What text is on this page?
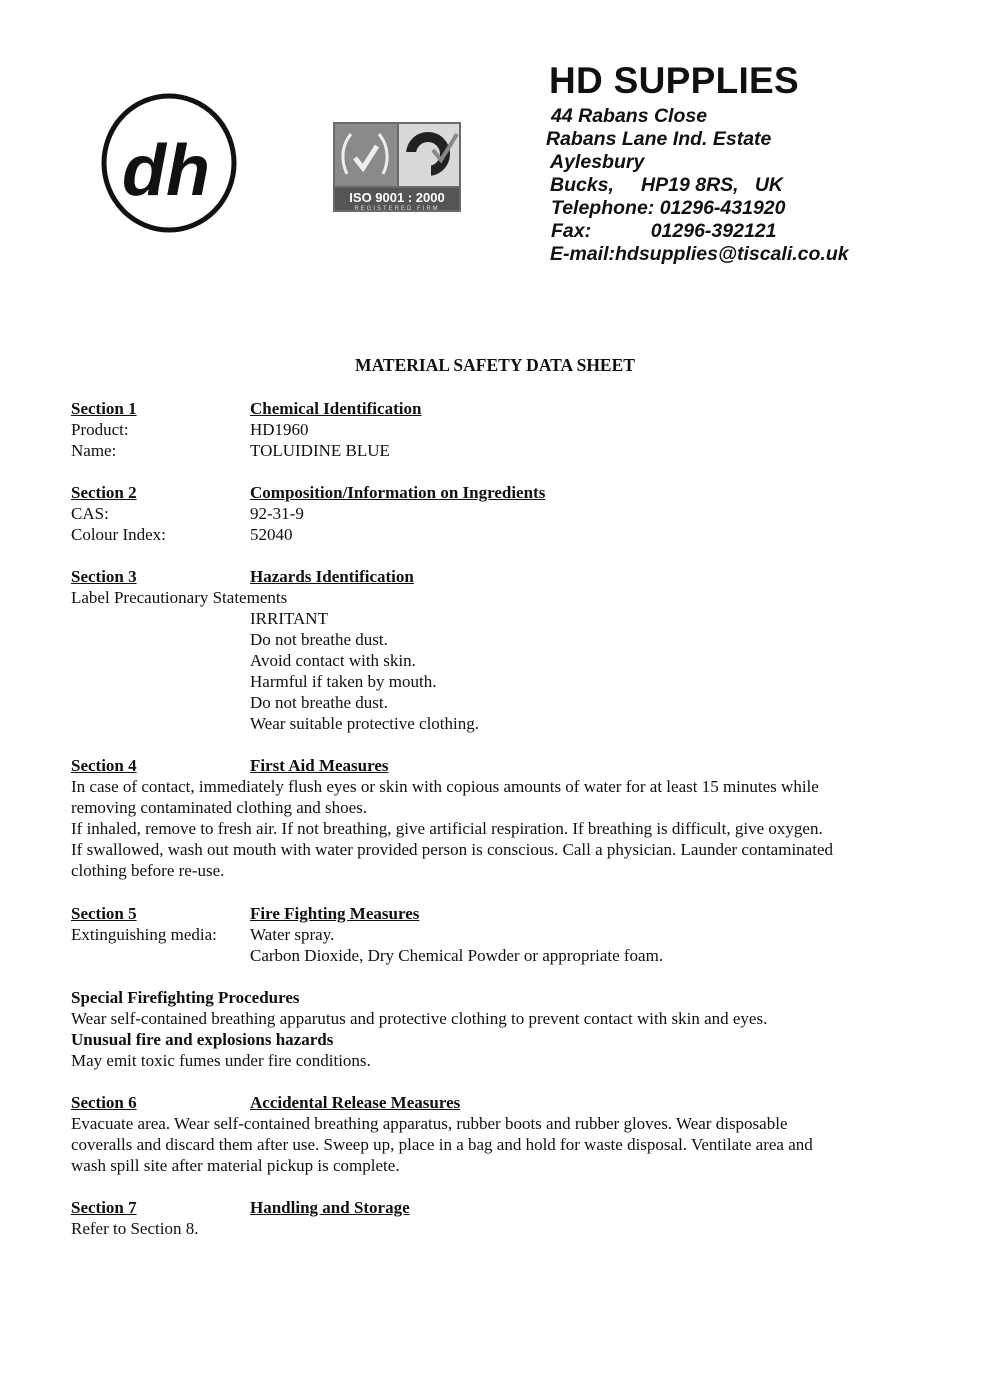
dh	ISO 9001 : 2000
REGISTERED FIRM
HD SUPPLIES
44 Rabans Close
Rabans Lane Ind. Estate
Aylesbury
Bucks,     HP19 8RS,   UK
Telephone: 01296-431920
Fax:           01296-392121
E-mail:hdsupplies@tiscali.co.uk
MATERIAL SAFETY DATA SHEET
Section 1	Chemical Identification
Product:	HD1960
Name:	TOLUIDINE BLUE
Section 2	Composition/Information on Ingredients
CAS:	92-31-9
Colour Index:	52040
Section 3	Hazards Identification
Label Precautionary Statements
IRRITANT
Do not breathe dust.
Avoid contact with skin.
Harmful if taken by mouth.
Do not breathe dust.
Wear suitable protective clothing.
Section 4	First Aid Measures
In case of contact, immediately flush eyes or skin with copious amounts of water for at least 15 minutes while
removing contaminated clothing and shoes.
If inhaled, remove to fresh air. If not breathing, give artificial respiration. If breathing is difficult, give oxygen.
If swallowed, wash out mouth with water provided person is conscious. Call a physician. Launder contaminated
clothing before re-use.
Section 5	Fire Fighting Measures
Extinguishing media: Water spray.
Carbon Dioxide, Dry Chemical Powder or appropriate foam.
Special Firefighting Procedures
Wear self-contained breathing apparutus and protective clothing to prevent contact with skin and eyes.
Unusual fire and explosions hazards
May emit toxic fumes under fire conditions.
Section 6	Accidental Release Measures
Evacuate area. Wear self-contained breathing apparatus, rubber boots and rubber gloves. Wear disposable
coveralls and discard them after use. Sweep up, place in a bag and hold for waste disposal. Ventilate area and
wash spill site after material pickup is complete.
Section 7	Handling and Storage
Refer to Section 8.
